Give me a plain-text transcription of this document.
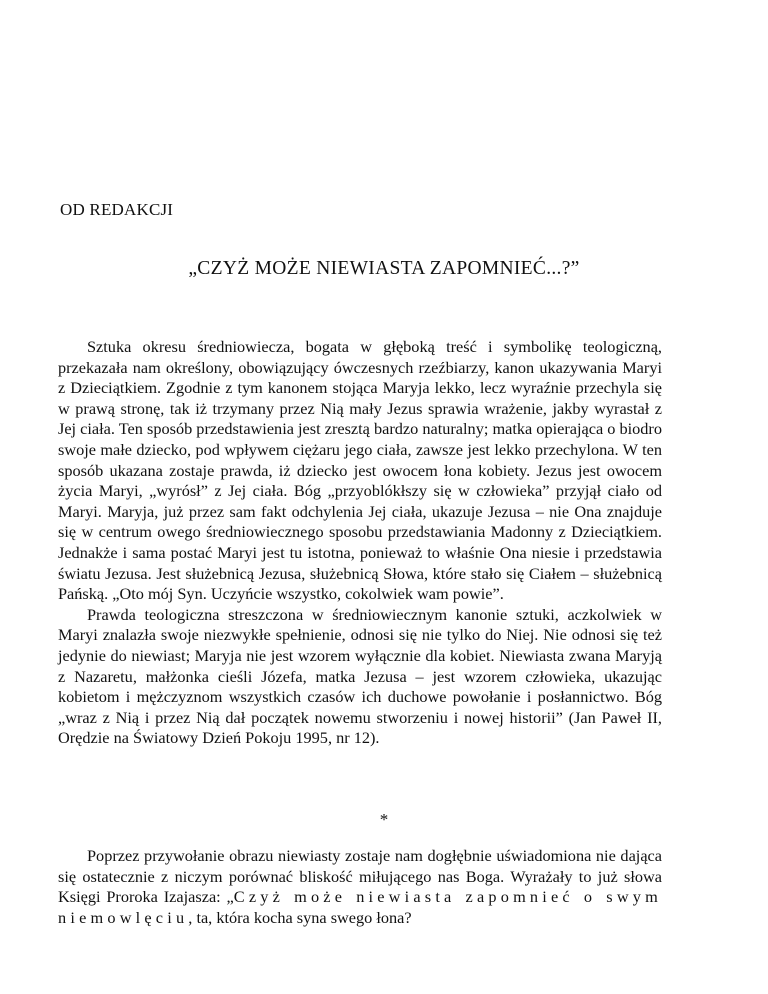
OD REDAKCJI
„CZYŻ MOŻE NIEWIASTA ZAPOMNIEĆ...?”

Sztuka okresu średniowiecza, bogata w głęboką treść i symbolikę teologiczną, przekazała nam określony, obowiązujący ówczesnych rzeźbiarzy, kanon ukazywania Maryi z Dzieciątkiem. Zgodnie z tym kanonem stojąca Maryja lekko, lecz wyraźnie przechyla się w prawą stronę, tak iż trzymany przez Nią mały Jezus sprawia wrażenie, jakby wyrastał z Jej ciała. Ten sposób przedstawienia jest zresztą bardzo naturalny; matka opierająca o biodro swoje małe dziecko, pod wpływem ciężaru jego ciała, zawsze jest lekko przechylona. W ten sposób ukazana zostaje prawda, iż dziecko jest owocem łona kobiety. Jezus jest owocem życia Maryi, „wyrósł” z Jej ciała. Bóg „przyoblókłszy się w człowieka” przyjął ciało od Maryi. Maryja, już przez sam fakt odchylenia Jej ciała, ukazuje Jezusa – nie Ona znajduje się w centrum owego średniowiecznego sposobu przedstawiania Madonny z Dzieciątkiem. Jednakże i sama postać Maryi jest tu istotna, ponieważ to właśnie Ona niesie i przedstawia światu Jezusa. Jest służebnicą Jezusa, służebnicą Słowa, które stało się Ciałem – służebnicą Pańską. „Oto mój Syn. Uczyńcie wszystko, cokolwiek wam powie”.

Prawda teologiczna streszczona w średniowiecznym kanonie sztuki, aczkolwiek w Maryi znalazła swoje niezwykłe spełnienie, odnosi się nie tylko do Niej. Nie odnosi się też jedynie do niewiast; Maryja nie jest wzorem wyłącznie dla kobiet. Niewiasta zwana Maryją z Nazaretu, małżonka cieśli Józefa, matka Jezusa – jest wzorem człowieka, ukazując kobietom i mężczyznom wszystkich czasów ich duchowe powołanie i posłannictwo. Bóg „wraz z Nią i przez Nią dał początek nowemu stworzeniu i nowej historii” (Jan Paweł II, Orędzie na Światowy Dzień Pokoju 1995, nr 12).

*

Poprzez przywołanie obrazu niewiasty zostaje nam dogłębnie uświadomiona nie dająca się ostatecznie z niczym porównać bliskość miłującego nas Boga. Wyrażały to już słowa Księgi Proroka Izajasza: „Czyż może niewiasta zapomnieć o swym niemowlęciu, ta, która kocha syna swego łona?
